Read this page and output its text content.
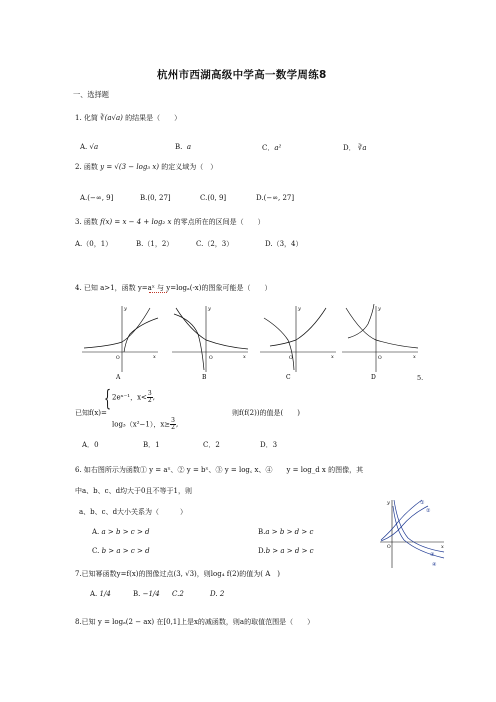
杭州市西湖高级中学高一数学周练8
一、选择题
1. 化简 ∛(a√a) 的结果是（　　）
A. √a	B. a	C．a²	D． ∛a
2. 函数 y = √(3 − log₃ x) 的定义域为（　）
A.(−∞, 9]	B.(0, 27]	C.(0, 9]	D.(−∞, 27]
3. 函数 f(x) = x − 4 + log₂ x 的零点所在的区间是（　　）
A.（0，1）	B.（1，2）	C.（2，3）	D.（3，4）
4. 已知 a>1，函数 y=aˣ 与 y=logₐ(-x)的图象可能是（　　）
y
x
O
y
x
O
y
x
O
y
x
O
A	B	C	D	5.
已知f(x)=
{ 2eˣ⁻¹，$x< \frac{3}{2}$ ,
log₃（x²−1），$x\ge \frac{3}{2}$ ,
则f(f(2))的值是(　　)
A．0	B．1	C．2	D．3
6. 如右图所示为函数① y = aˣ、② y = bˣ、③ y = log꜀ x、④　　y = log_d x 的图像，其
中a、b、c、d均大于0且不等于1，则
a、b、c、d大小关系为（　　　）
A. a > b > c > d	B.a > b > d > c
C. b > a > c > d	D.b > a > d > c
y
x
O
①
②
③
④
7.已知幂函数y=f(x)的图像过点(3, √3)，则log₄ f(2)的值为( A　)
A. 1/4	B. −1/4 C.2	D. 2
8.已知 y = logₐ(2 − ax) 在[0,1]上是x的减函数，则a的取值范围是（　　）
